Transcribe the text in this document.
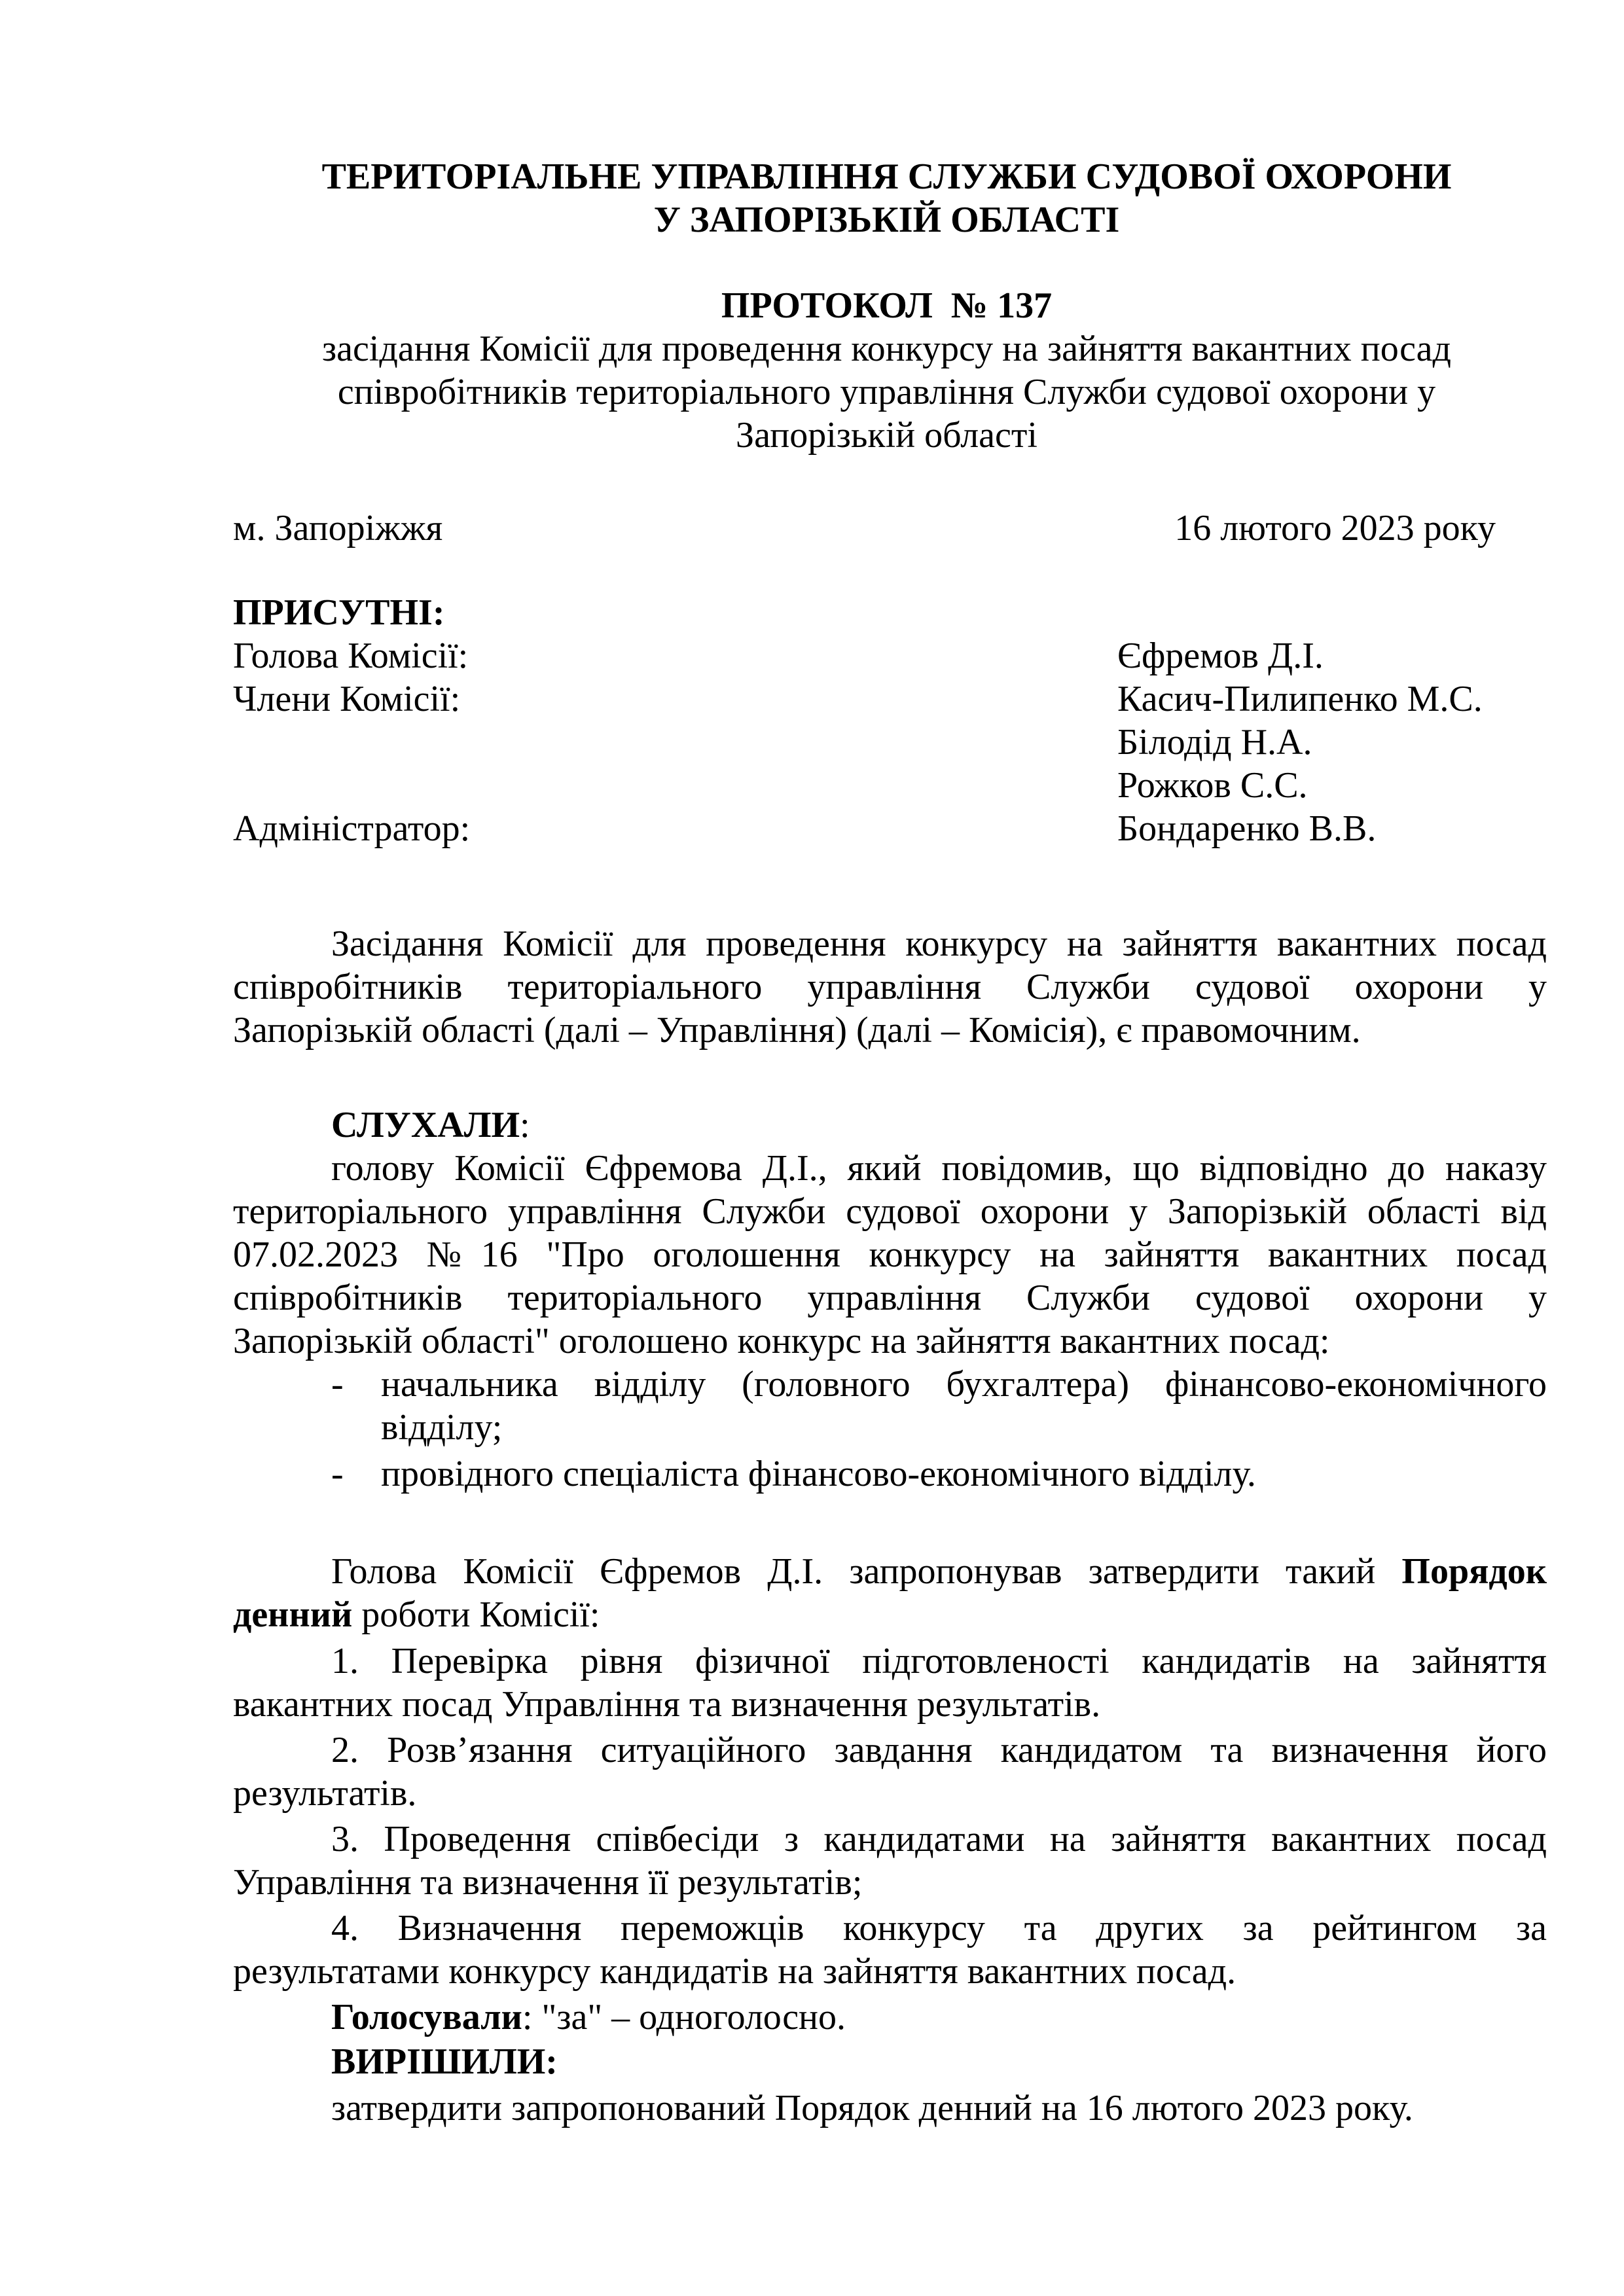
ТЕРИТОРІАЛЬНЕ УПРАВЛІННЯ СЛУЖБИ СУДОВОЇ ОХОРОНИ
У ЗАПОРІЗЬКІЙ ОБЛАСТІ
ПРОТОКОЛ  № 137
засідання Комісії для проведення конкурсу на зайняття вакантних посад
співробітників територіального управління Служби судової охорони у
Запорізькій області
м. Запоріжжя	16 лютого 2023 року
ПРИСУТНІ:
Голова Комісії:	Єфремов Д.І.
Члени Комісії:	Касич-Пилипенко М.С.
Білодід Н.А.
Рожков С.С.
Адміністратор:	Бондаренко В.В.
Засідання Комісії для проведення конкурсу на зайняття вакантних посад
співробітників територіального управління Служби судової охорони у
Запорізькій області (далі – Управління) (далі – Комісія), є правомочним.
СЛУХАЛИ:
голову Комісії Єфремова Д.І., який повідомив, що відповідно до наказу
територіального управління Служби судової охорони у Запорізькій області від
07.02.2023 №16 "Про оголошення конкурсу на зайняття вакантних посад
співробітників територіального управління Служби судової охорони у
Запорізькій області" оголошено конкурс на зайняття вакантних посад:
- начальника відділу (головного бухгалтера) фінансово-економічного
відділу;
- провідного спеціаліста фінансово-економічного відділу.
Голова Комісії Єфремов Д.І. запропонував затвердити такий Порядок
денний роботи Комісії:
1. Перевірка рівня фізичної підготовленості кандидатів на зайняття
вакантних посад Управління та визначення результатів.
2. Розв’язання ситуаційного завдання кандидатом та визначення його
результатів.
3. Проведення співбесіди з кандидатами на зайняття вакантних посад
Управління та визначення її результатів;
4. Визначення переможців конкурсу та других за рейтингом за
результатами конкурсу кандидатів на зайняття вакантних посад.
Голосували: "за" – одноголосно.
ВИРІШИЛИ:
затвердити запропонований Порядок денний на 16 лютого 2023 року.
